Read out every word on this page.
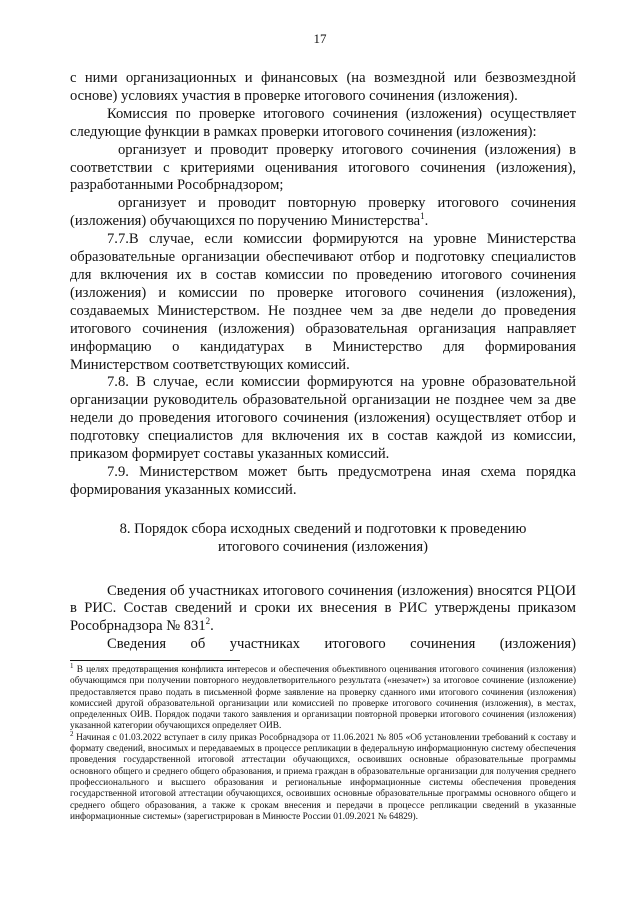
17

с ними организационных и финансовых (на возмездной или безвозмездной основе) условиях участия в проверке итогового сочинения (изложения).

Комиссия по проверке итогового сочинения (изложения) осуществляет следующие функции в рамках проверки итогового сочинения (изложения):

организует и проводит проверку итогового сочинения (изложения) в соответствии с критериями оценивания итогового сочинения (изложения), разработанными Рособрнадзором;

организует и проводит повторную проверку итогового сочинения (изложения) обучающихся по поручению Министерства$^1$.

7.7.В случае, если комиссии формируются на уровне Министерства образовательные организации обеспечивают отбор и подготовку специалистов для включения их в состав комиссии по проведению итогового сочинения (изложения) и комиссии по проверке итогового сочинения (изложения), создаваемых Министерством. Не позднее чем за две недели до проведения итогового сочинения (изложения) образовательная организация направляет информацию о кандидатурах в Министерство для формирования Министерством соответствующих комиссий.

7.8. В случае, если комиссии формируются на уровне образовательной организации руководитель образовательной организации не позднее чем за две недели до проведения итогового сочинения (изложения) осуществляет отбор и подготовку специалистов для включения их в состав каждой из комиссии, приказом формирует составы указанных комиссий.

7.9. Министерством может быть предусмотрена иная схема порядка формирования указанных комиссий.

8. Порядок сбора исходных сведений и подготовки к проведению
итогового сочинения (изложения)

Сведения об участниках итогового сочинения (изложения) вносятся РЦОИ в РИС. Состав сведений и сроки их внесения в РИС утверждены приказом Рособрнадзора № $831^2$.

Сведения об участниках итогового сочинения (изложения)

$^1$ В целях предотвращения конфликта интересов и обеспечения объективного оценивания итогового сочинения (изложения) обучающимся при получении повторного неудовлетворительного результата («незачет») за итоговое сочинение (изложение) предоставляется право подать в письменной форме заявление на проверку сданного ими итогового сочинения (изложения) комиссией другой образовательной организации или комиссией по проверке итогового сочинения (изложения), в местах, определенных ОИВ. Порядок подачи такого заявления и организации повторной проверки итогового сочинения (изложения) указанной категории обучающихся определяет ОИВ.

$^2$ Начиная с 01.03.2022 вступает в силу приказ Рособрнадзора от 11.06.2021 № 805 «Об установлении требований к составу и формату сведений, вносимых и передаваемых в процессе репликации в федеральную информационную систему обеспечения проведения государственной итоговой аттестации обучающихся, освоивших основные образовательные программы основного общего и среднего общего образования, и приема граждан в образовательные организации для получения среднего профессионального и высшего образования и региональные информационные системы обеспечения проведения государственной итоговой аттестации обучающихся, освоивших основные образовательные программы основного общего и среднего общего образования, а также к срокам внесения и передачи в процессе репликации сведений в указанные информационные системы» (зарегистрирован в Минюсте России 01.09.2021 № 64829).
